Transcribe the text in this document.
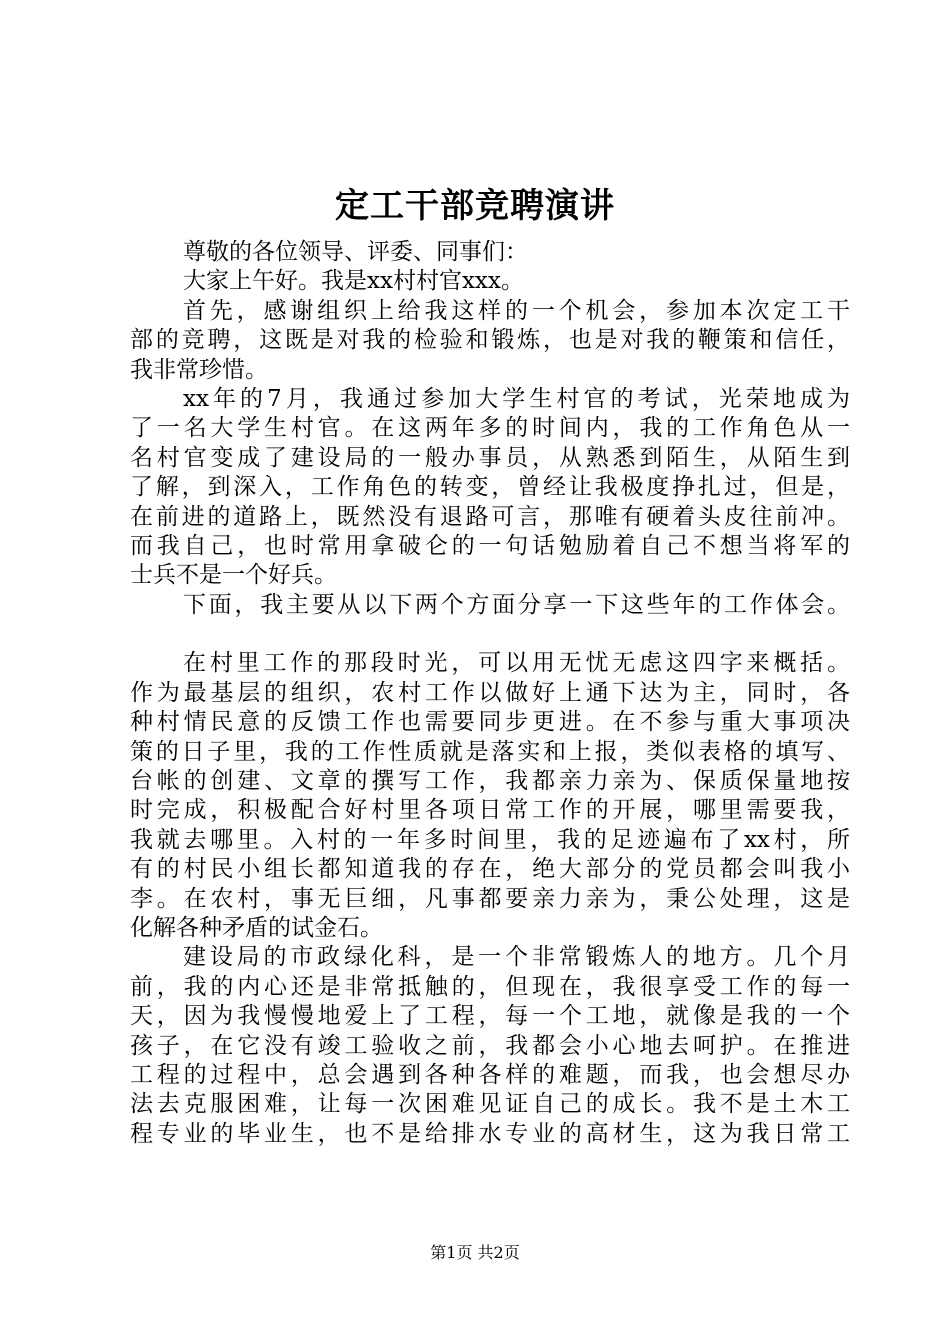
定工干部竞聘演讲
尊敬的各位领导、评委、同事们：
大家上午好。我是xx村村官xxx。
首先，感谢组织上给我这样的一个机会，参加本次定工干
部的竞聘，这既是对我的检验和锻炼，也是对我的鞭策和信任，
我非常珍惜。
xx年的7月，我通过参加大学生村官的考试，光荣地成为
了一名大学生村官。在这两年多的时间内，我的工作角色从一
名村官变成了建设局的一般办事员，从熟悉到陌生，从陌生到
了解，到深入，工作角色的转变，曾经让我极度挣扎过，但是，
在前进的道路上，既然没有退路可言，那唯有硬着头皮往前冲。
而我自己，也时常用拿破仑的一句话勉励着自己不想当将军的
士兵不是一个好兵。
下面，我主要从以下两个方面分享一下这些年的工作体会。
在村里工作的那段时光，可以用无忧无虑这四字来概括。
作为最基层的组织，农村工作以做好上通下达为主，同时，各
种村情民意的反馈工作也需要同步更进。在不参与重大事项决
策的日子里，我的工作性质就是落实和上报，类似表格的填写、
台帐的创建、文章的撰写工作，我都亲力亲为、保质保量地按
时完成，积极配合好村里各项日常工作的开展，哪里需要我，
我就去哪里。入村的一年多时间里，我的足迹遍布了xx村，所
有的村民小组长都知道我的存在，绝大部分的党员都会叫我小
李。在农村，事无巨细，凡事都要亲力亲为，秉公处理，这是
化解各种矛盾的试金石。
建设局的市政绿化科，是一个非常锻炼人的地方。几个月
前，我的内心还是非常抵触的，但现在，我很享受工作的每一
天，因为我慢慢地爱上了工程，每一个工地，就像是我的一个
孩子，在它没有竣工验收之前，我都会小心地去呵护。在推进
工程的过程中，总会遇到各种各样的难题，而我，也会想尽办
法去克服困难，让每一次困难见证自己的成长。我不是土木工
程专业的毕业生，也不是给排水专业的高材生，这为我日常工
第1页 共2页
